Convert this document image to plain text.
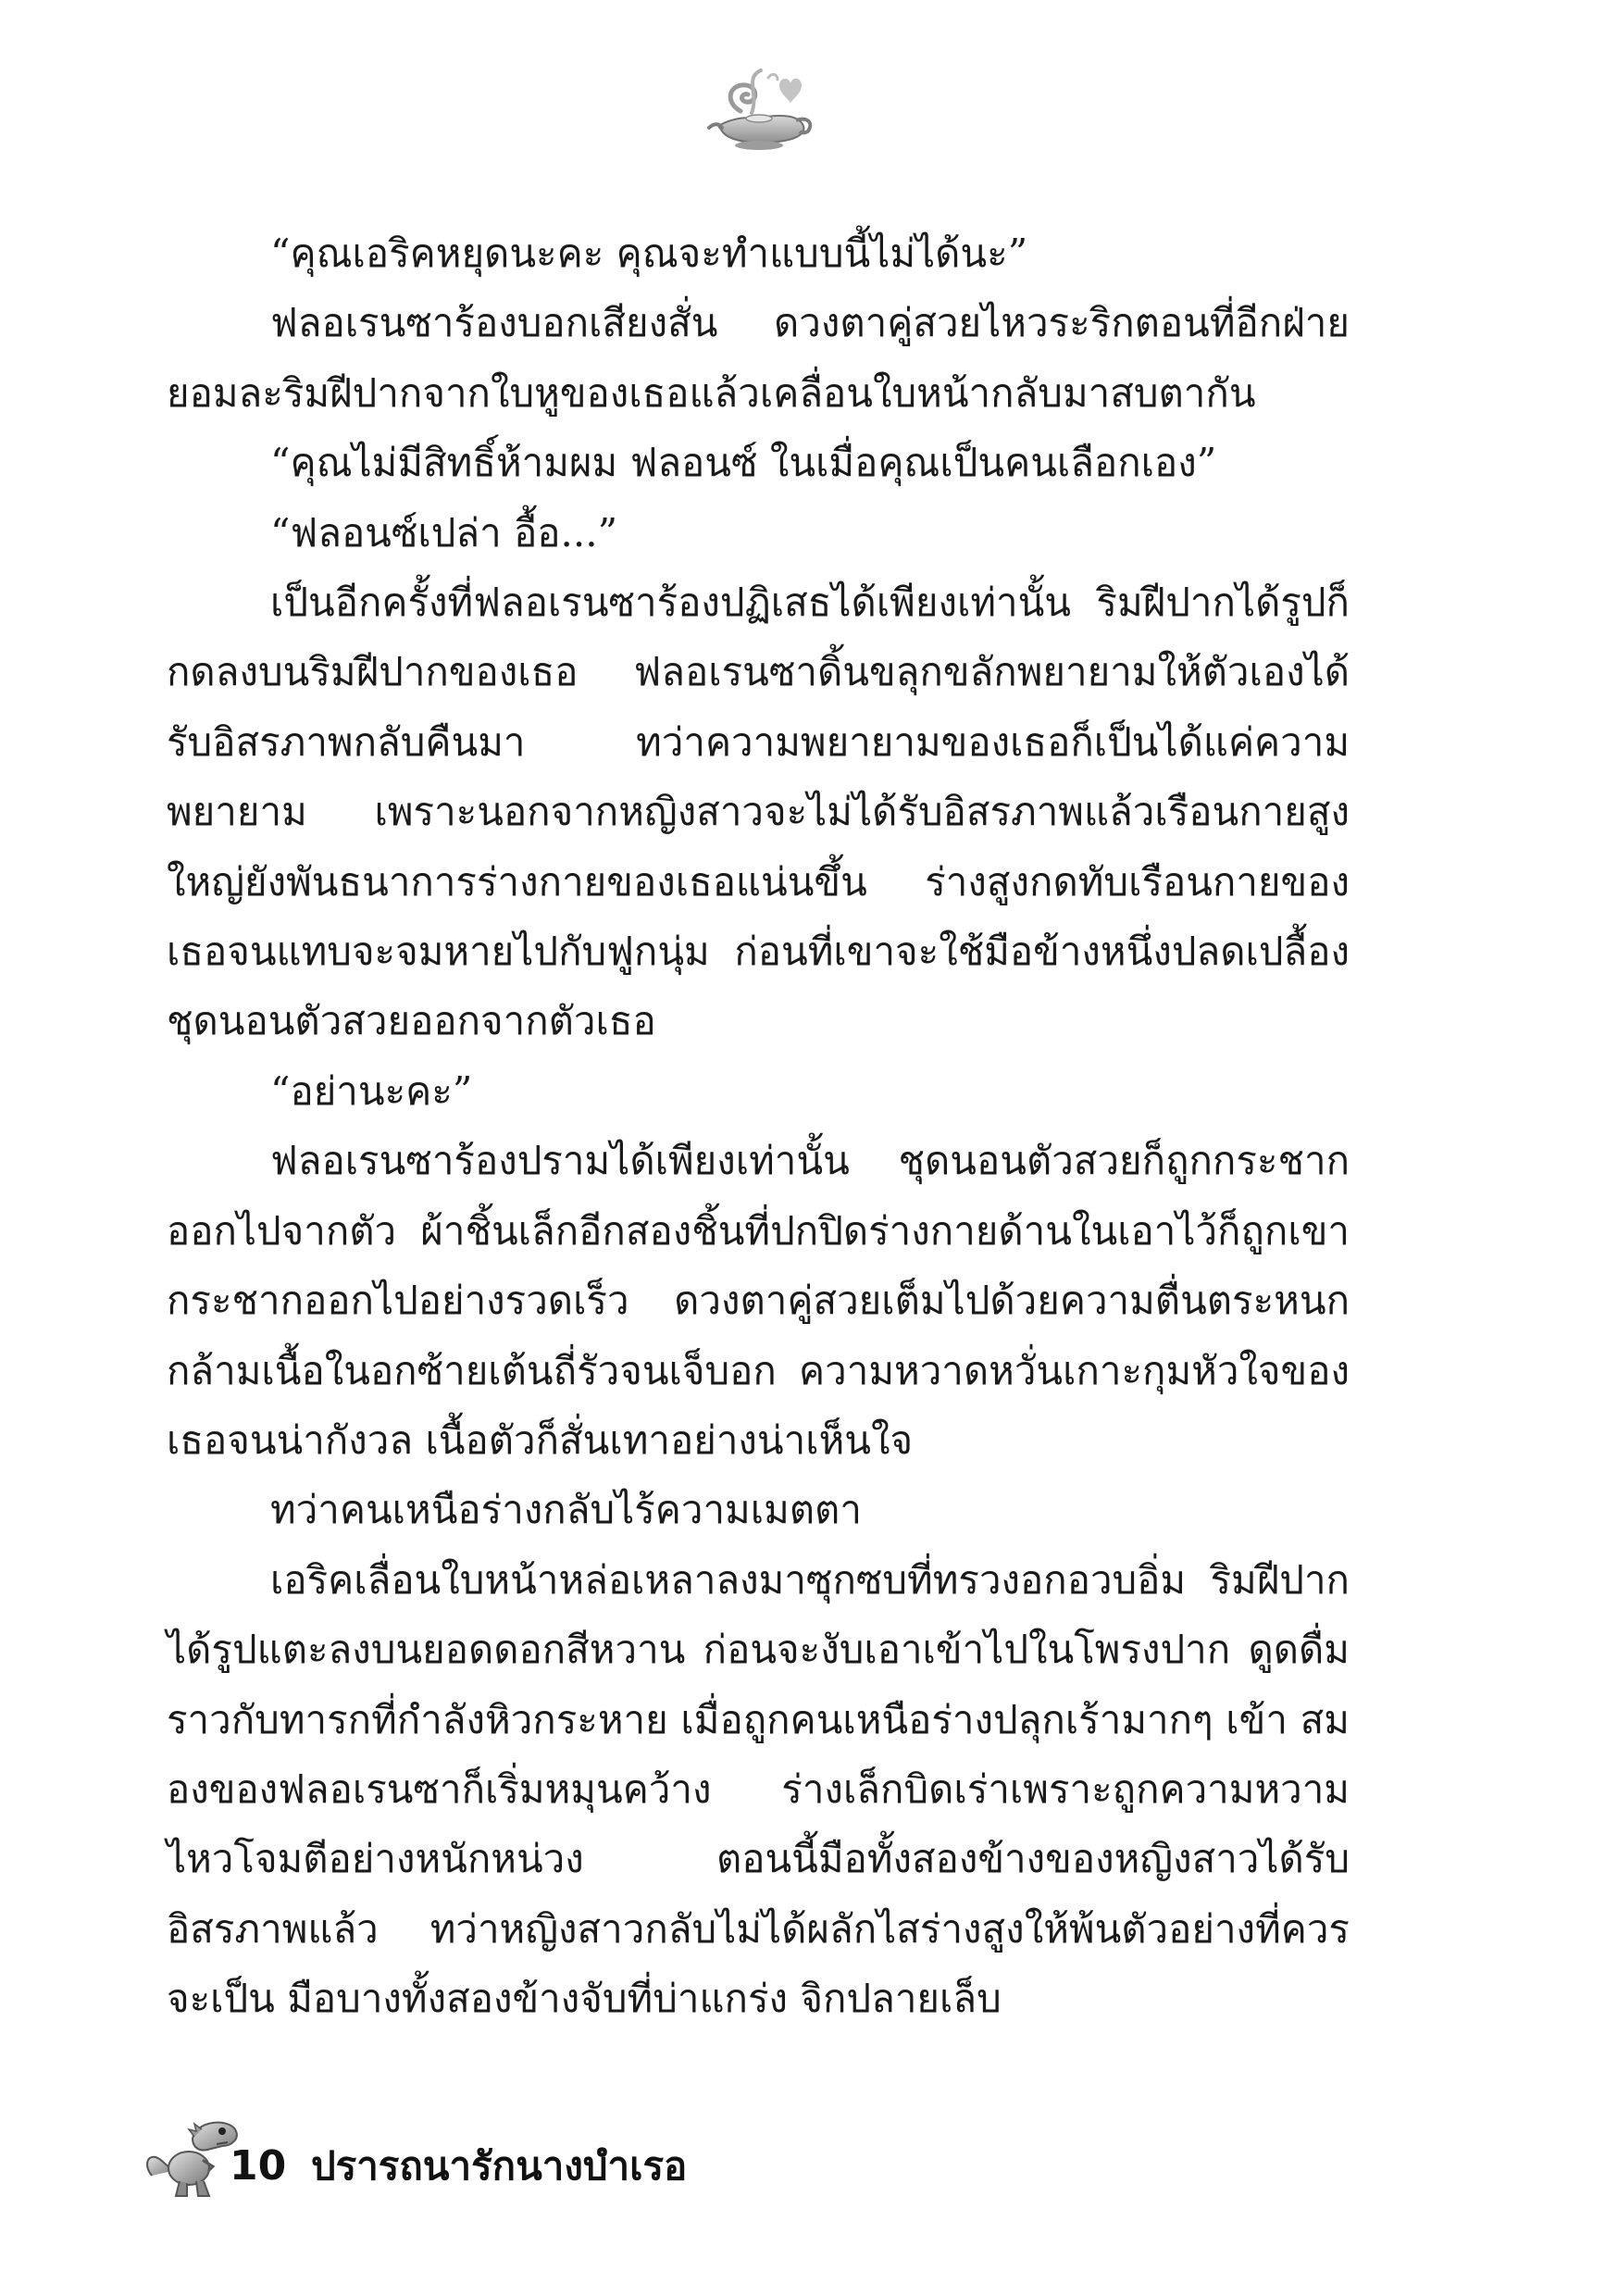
“คุณเอริคหยุดนะคะ คุณจะทำแบบนี้ไม่ได้นะ”

ฟลอเรนซาร้องบอกเสียงสั่น ดวงตาคู่สวยไหวระริกตอนที่อีกฝ่ายยอมละริมฝีปากจากใบหูของเธอแล้วเคลื่อนใบหน้ากลับมาสบตากัน

“คุณไม่มีสิทธิ์ห้ามผม ฟลอนซ์ ในเมื่อคุณเป็นคนเลือกเอง”

“ฟลอนซ์เปล่า อื้อ...”

เป็นอีกครั้งที่ฟลอเรนซาร้องปฏิเสธได้เพียงเท่านั้น ริมฝีปากได้รูปก็กดลงบนริมฝีปากของเธอ ฟลอเรนซาดิ้นขลุกขลักพยายามให้ตัวเองได้รับอิสรภาพกลับคืนมา ทว่าความพยายามของเธอก็เป็นได้แค่ความพยายาม เพราะนอกจากหญิงสาวจะไม่ได้รับอิสรภาพแล้วเรือนกายสูงใหญ่ยังพันธนาการร่างกายของเธอแน่นขึ้น ร่างสูงกดทับเรือนกายของเธอจนแทบจะจมหายไปกับฟูกนุ่ม ก่อนที่เขาจะใช้มือข้างหนึ่งปลดเปลื้องชุดนอนตัวสวยออกจากตัวเธอ

“อย่านะคะ”

ฟลอเรนซาร้องปรามได้เพียงเท่านั้น ชุดนอนตัวสวยก็ถูกกระชากออกไปจากตัว ผ้าชิ้นเล็กอีกสองชิ้นที่ปกปิดร่างกายด้านในเอาไว้ก็ถูกเขากระชากออกไปอย่างรวดเร็ว ดวงตาคู่สวยเต็มไปด้วยความตื่นตระหนก กล้ามเนื้อในอกซ้ายเต้นถี่รัวจนเจ็บอก ความหวาดหวั่นเกาะกุมหัวใจของเธอจนน่ากังวล เนื้อตัวก็สั่นเทาอย่างน่าเห็นใจ

ทว่าคนเหนือร่างกลับไร้ความเมตตา

เอริคเลื่อนใบหน้าหล่อเหลาลงมาซุกซบที่ทรวงอกอวบอิ่ม ริมฝีปากได้รูปแตะลงบนยอดดอกสีหวาน ก่อนจะงับเอาเข้าไปในโพรงปาก ดูดดื่มราวกับทารกที่กำลังหิวกระหาย เมื่อถูกคนเหนือร่างปลุกเร้ามากๆ เข้า สมองของฟลอเรนซาก็เริ่มหมุนคว้าง ร่างเล็กบิดเร่าเพราะถูกความหวามไหวโจมตีอย่างหนักหน่วง ตอนนี้มือทั้งสองข้างของหญิงสาวได้รับอิสรภาพแล้ว ทว่าหญิงสาวกลับไม่ได้ผลักไสร่างสูงให้พ้นตัวอย่างที่ควรจะเป็น มือบางทั้งสองข้างจับที่บ่าแกร่ง จิกปลายเล็บ

10 ปรารถนารักนางบำเรอ
